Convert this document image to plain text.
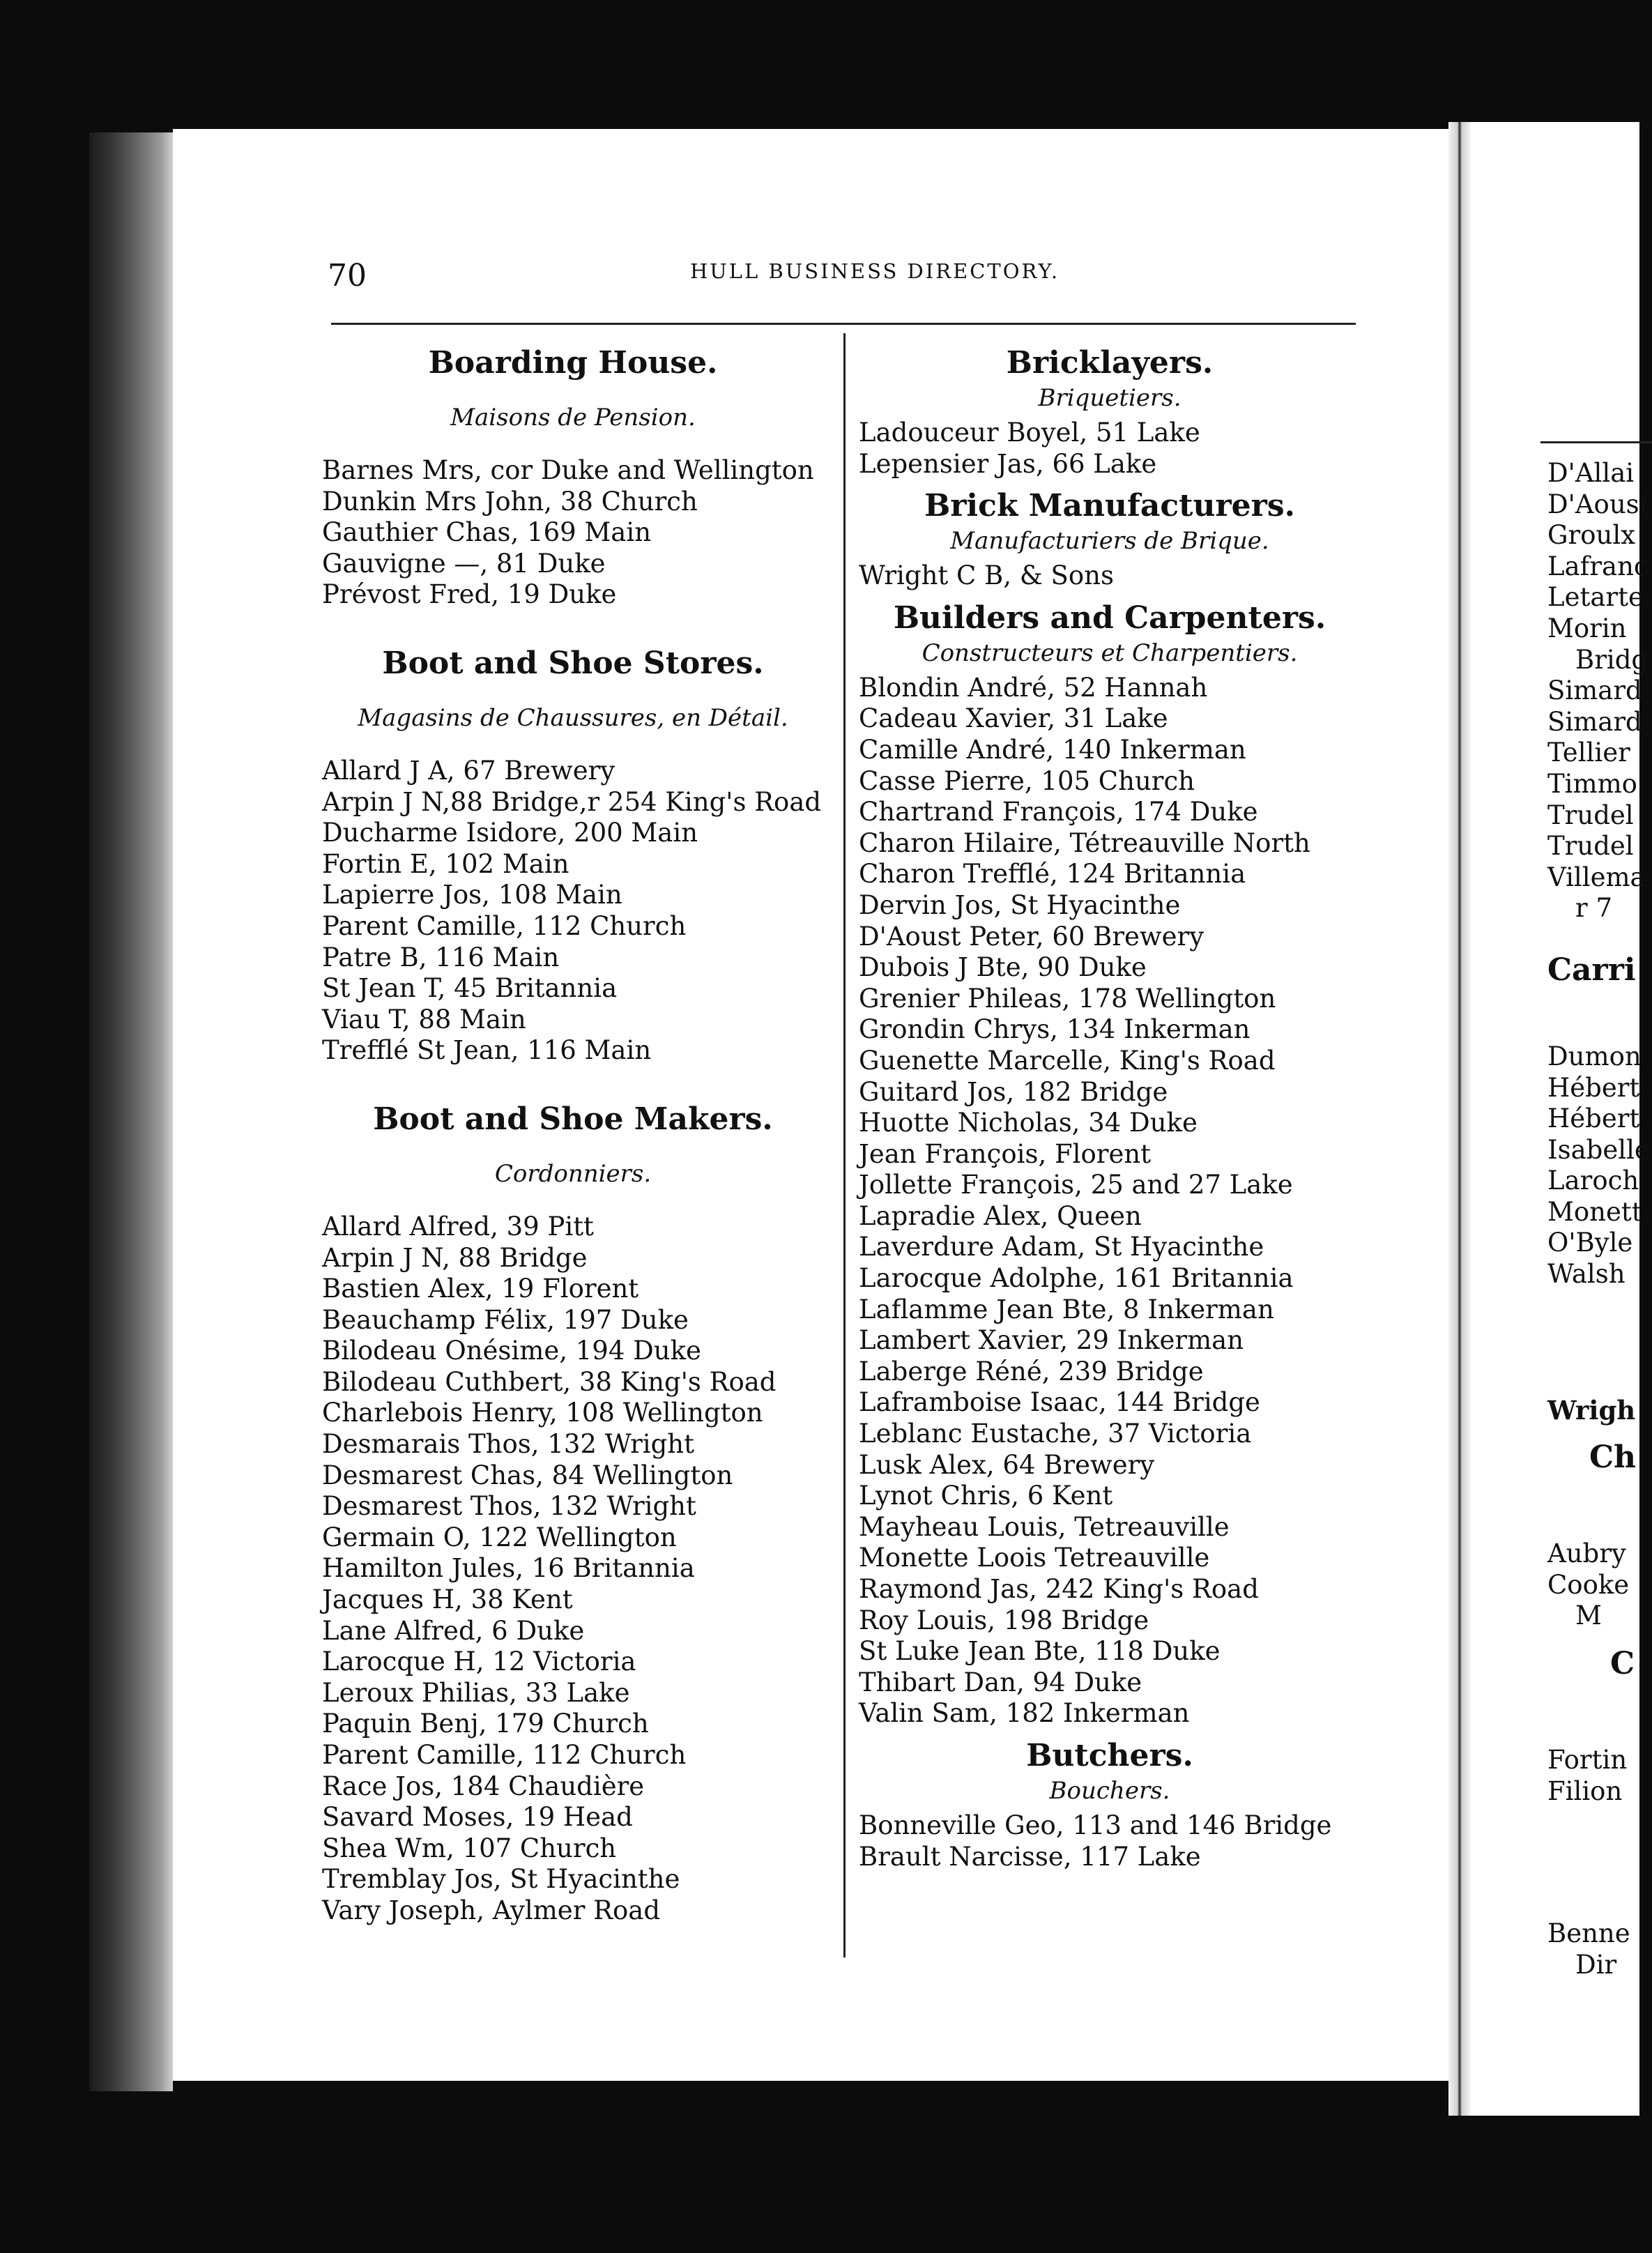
D'Allai

D'Aoust

Groulx

Lafranc

Letarte

Morin

Bridg

Simard

Simard

Tellier

Timmo

Trudel

Trudel

Villema

r 7

Carri

Dumon

Hébert

Hébert

Isabelle

Laroch

Monett

O'Byle

Walsh

Wrigh

Ch

Aubry

Cooke

M

C

Fortin

Filion

Benne

Dir

70	HULL BUSINESS DIRECTORY.

Boarding House.

Maisons de Pension.

Barnes Mrs, cor Duke and Wellington

Dunkin Mrs John, 38 Church

Gauthier Chas, 169 Main

Gauvigne —, 81 Duke

Prévost Fred, 19 Duke

Boot and Shoe Stores.

Magasins de Chaussures, en Détail.

Allard J A, 67 Brewery

Arpin J N,88 Bridge,r 254 King's Road

Ducharme Isidore, 200 Main

Fortin E, 102 Main

Lapierre Jos, 108 Main

Parent Camille, 112 Church

Patre B, 116 Main

St Jean T, 45 Britannia

Viau T, 88 Main

Trefflé St Jean, 116 Main

Boot and Shoe Makers.

Cordonniers.

Allard Alfred, 39 Pitt

Arpin J N, 88 Bridge

Bastien Alex, 19 Florent

Beauchamp Félix, 197 Duke

Bilodeau Onésime, 194 Duke

Bilodeau Cuthbert, 38 King's Road

Charlebois Henry, 108 Wellington

Desmarais Thos, 132 Wright

Desmarest Chas, 84 Wellington

Desmarest Thos, 132 Wright

Germain O, 122 Wellington

Hamilton Jules, 16 Britannia

Jacques H, 38 Kent

Lane Alfred, 6 Duke

Larocque H, 12 Victoria

Leroux Philias, 33 Lake

Paquin Benj, 179 Church

Parent Camille, 112 Church

Race Jos, 184 Chaudière

Savard Moses, 19 Head

Shea Wm, 107 Church

Tremblay Jos, St Hyacinthe

Vary Joseph, Aylmer Road

Bricklayers.

Briquetiers.

Ladouceur Boyel, 51 Lake

Lepensier Jas, 66 Lake

Brick Manufacturers.

Manufacturiers de Brique.

Wright C B, & Sons

Builders and Carpenters.

Constructeurs et Charpentiers.

Blondin André, 52 Hannah

Cadeau Xavier, 31 Lake

Camille André, 140 Inkerman

Casse Pierre, 105 Church

Chartrand François, 174 Duke

Charon Hilaire, Tétreauville North

Charon Trefflé, 124 Britannia

Dervin Jos, St Hyacinthe

D'Aoust Peter, 60 Brewery

Dubois J Bte, 90 Duke

Grenier Phileas, 178 Wellington

Grondin Chrys, 134 Inkerman

Guenette Marcelle, King's Road

Guitard Jos, 182 Bridge

Huotte Nicholas, 34 Duke

Jean François, Florent

Jollette François, 25 and 27 Lake

Lapradie Alex, Queen

Laverdure Adam, St Hyacinthe

Larocque Adolphe, 161 Britannia

Laflamme Jean Bte, 8 Inkerman

Lambert Xavier, 29 Inkerman

Laberge Réné, 239 Bridge

Laframboise Isaac, 144 Bridge

Leblanc Eustache, 37 Victoria

Lusk Alex, 64 Brewery

Lynot Chris, 6 Kent

Mayheau Louis, Tetreauville

Monette Loois Tetreauville

Raymond Jas, 242 King's Road

Roy Louis, 198 Bridge

St Luke Jean Bte, 118 Duke

Thibart Dan, 94 Duke

Valin Sam, 182 Inkerman

Butchers.

Bouchers.

Bonneville Geo, 113 and 146 Bridge

Brault Narcisse, 117 Lake
